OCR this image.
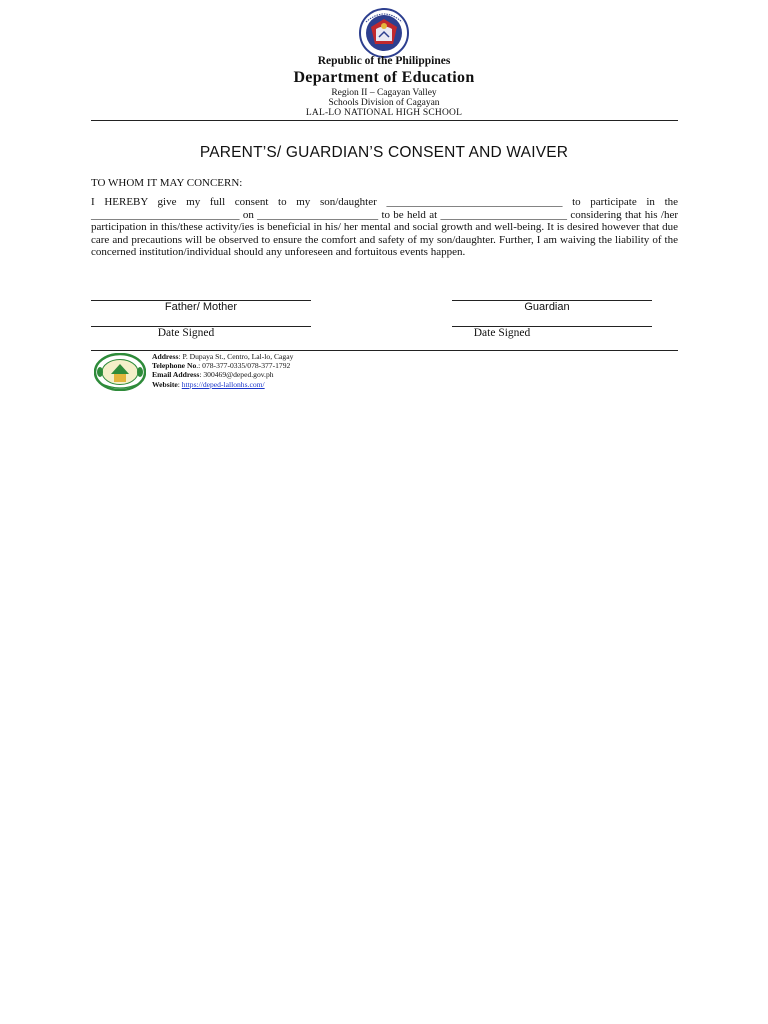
Republic of the Philippines
Department of Education
Region II – Cagayan Valley
Schools Division of Cagayan
LAL-LO NATIONAL HIGH SCHOOL
PARENT’S/ GUARDIAN’S CONSENT AND WAIVER
TO WHOM IT MAY CONCERN:
I HEREBY give my full consent to my son/daughter ________________________________ to participate in the ___________________________ on ______________________ to be held at _______________________ considering that his /her participation in this/these activity/ies is beneficial in his/ her mental and social growth and well-being. It is desired however that due care and precautions will be observed to ensure the comfort and safety of my son/daughter. Further, I am waiving the liability of the concerned institution/individual should any unforeseen and fortuitous events happen.
Father/ Mother	Guardian
Date Signed	Date Signed
Address: P. Dupaya St., Centro, Lal-lo, Cagay
Telephone No.: 078-377-0335/078-377-1792
Email Address: 300469@deped.gov.ph
Website: https://deped-lallonhs.com/
